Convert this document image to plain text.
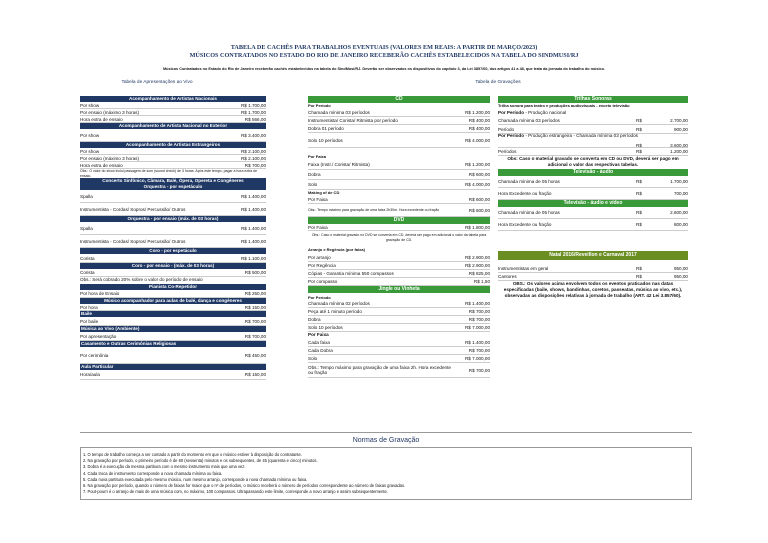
TABELA DE CACHÊS PARA TRABALHOS EVENTUAIS (VALORES EM REAIS: A PARTIR DE MARÇO/2023)
MÚSICOS CONTRATADOS NO ESTADO DO RIO DE JANEIRO RECEBERÃO CACHÊS ESTABELECIDOS NA TABELA DO SINDMUSI/RJ
Músicos Contratados no Estado do Rio de Janeiro receberão cachês estabelecidos na tabela do SindMusi/RJ. Deverão ser observados os dispositivos do capítulo 3, da Lei 3857/60, dos artigos 41 a 48, que trata da jornada do trabalho do músico.
Tabela de Apresentações ao Vivo	Tabela de Gravações
Acompanhamento de Artistas Nacionais
Por show	R$ 1.700,00
Por ensaio (máximo 3 horas)	R$ 1.700,00
Hora extra de ensaio	R$ 566,00
Acompanhamento de Artista Nacional no Exterior
Por show	R$ 3.400,00
Acompanhamento de Artistas Estrangeiros
Por show	R$ 2.100,00
Por ensaio (máximo 3 horas)	R$ 2.100,00
Hora extra de ensaio	R$ 700,00
Obs.: O valor do show inclui passagem de som (sound check) de 3 horas. Após este tempo, pagar a hora extra de ensaio.
Concerto Sinfônico, Câmara, Balé, Ópera, Opereta e Congêneres
Orquestra - por espetáculo
Spalla	R$ 1.400,00
Instrumentista - Cordas/ Sopros/ Percussão/ Outros	R$ 1.400,00
Orquestra - por ensaio (máx. de 03 horas)
Spalla	R$ 1.400,00
Instrumentista - Cordas/ Sopros/ Percussão/ Outros	R$ 1.400,00
Coro - por espetáculo
Corista	R$ 1.100,00
Coro - por ensaio - (máx. de 03 horas)
Corista	R$ 500,00
Obs.: Será cobrado 20% sobre o valor do período de ensaio
Pianista Co-Repetidor
Por hora de Ensaio	R$ 250,00
Músico acompanhador para aulas de balé, dança e congêneres
Por hora	R$ 150,00
Baile
Por baile	R$ 700,00
Música ao Vivo (Ambiente)
Por apresentação	R$ 700,00
Casamento e Outras Cerimônias Religiosas
Por cerimônia	R$ 450,00
Aula Particular
Hora/aula	R$ 150,00
CD
Por Período
Chamada mínima 03 períodos	R$ 1.200,00
Instrumentista/ Corista/ Ritmista por período	R$ 400,00
Dobra 01 período	R$ 400,00
Solo 10 períodos	R$ 4.000,00
Por Faixa
Faixa (Instr./ Corista/ Ritmista)	R$ 1.200,00
Dobra	R$ 600,00
Solo	R$ 4.000,00
Making of de CD
Por Faixa	R$ 600,00
Obs.: Tempo máximo para gravação de uma faixa 2h30m. Hora excedente ou fração	R$ 600,00
DVD
Por Faixa	R$ 1.800,00
Obs.: Caso o material gravado no DVD se converta em CD, deverá ser pago em adicional o valor da tabela para gravação de CD.
Arranjo e Regência (por faixa)
Por arranjo	R$ 2.900,00
Por Regência	R$ 2.900,00
Cópias - Garantia mínima 550 compassos	R$ 825,00
Por compasso	R$ 1,50
Jingle ou Vinheta
Por Período
Chamada mínima 02 períodos	R$ 1.400,00
Peça até 1 minuto período	R$ 700,00
Dobra	R$ 700,00
Solo 10 períodos	R$ 7.000,00
Por Faixa
Cada faixa	R$ 1.400,00
Cada Dobra	R$ 700,00
Solo	R$ 7.000,00
Obs.: Tempo máximo para gravação de uma faixa 2h. Hora excedente ou fração	R$ 700,00
Trilhas Sonoras
Trilha sonora para teatro e produções audiovisuais - exceto televisão
Por Período - Produção nacional
Chamada mínima 03 períodos	R$	2.700,00
Período	R$	900,00
Por Período - Produção estrangeira - Chamada mínima 03 períodos
R$	3.600,00
Períodos	R$	1.200,00
Obs: Caso o material gravado se converta em CD ou DVD, deverá ser pago em adicional o valor das respectivas tabelas.
Televisão - áudio
Chamada mínima de 05 horas	R$	1.700,00
Hora Excedente ou fração	R$	700,00
Televisão - áudio e vídeo
Chamada mínima de 05 horas	R$	2.600,00
Hora Excedente ou fração	R$	800,00
Natal 2016/Reveillon e Carnaval 2017
Instrumentistas em geral	R$	950,00
Cantores	R$	950,00
OBS.: Os valores acima envolvem todos os eventos praticados nas datas especificadas (baile, shows, bandinhas, coretos, passeatas, música ao vivo, etc.), observadas as disposições relativas à jornada de trabalho (ART. 42 Lei 3.857/60).
Normas de Gravação
1. O tempo de trabalho começa a ser contado a partir do momento em que o músico estiver à disposição do contratante.
2. Na gravação por período, o primeiro período é de 60 (sessenta) minutos e os subsequentes, de 45 (quarenta e cinco) minutos.
3. Dobra é a execução da mesma partitura com o mesmo instrumento mais que uma vez.
4. Cada troca de instrumento corresponde a nova chamada mínima ou faixa.
5. Cada nova partitura executada pelo mesmo músico, num mesmo arranjo, corresponde a nova chamada mínima ou faixa.
6. Na gravação por período, quando o número de faixas for maior que o nº de períodos, o músico receberá o número de períodos correspondente ao número de faixas gravadas.
7. Pout-pourri é o arranjo de mais de uma música com, no máximo, 100 compassos. Ultrapassando este limite, corresponde a novo arranjo e assim subsequentemente.
